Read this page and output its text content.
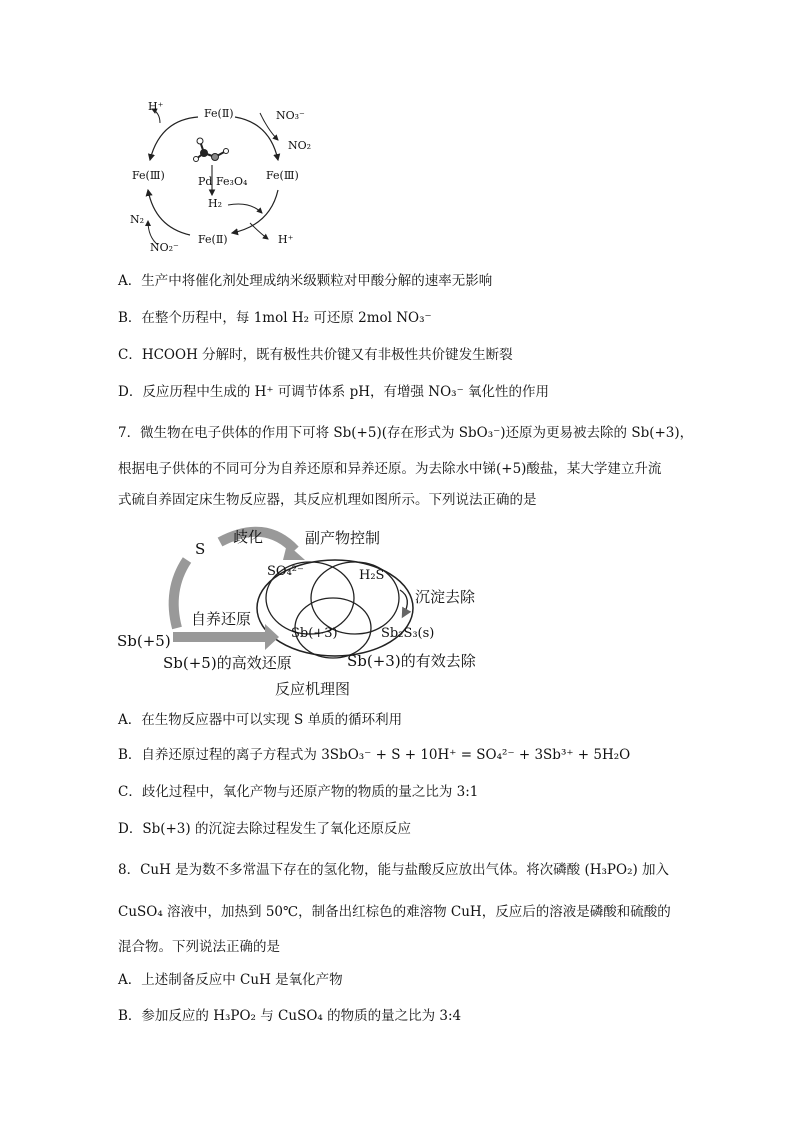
H⁺
Fe(Ⅱ)	NO₃⁻
NO₂
Fe(Ⅲ)	Fe(Ⅲ)
Pd Fe₃O₄
H₂
N₂
NO₂⁻
Fe(Ⅱ)	H⁺
A．生产中将催化剂处理成纳米级颗粒对甲酸分解的速率无影响
B．在整个历程中，每 1mol H₂ 可还原 2mol NO₃⁻
C．HCOOH 分解时，既有极性共价键又有非极性共价键发生断裂
D．反应历程中生成的 H⁺ 可调节体系 pH，有增强 NO₃⁻ 氧化性的作用
7．微生物在电子供体的作用下可将 Sb(+5)(存在形式为 SbO₃⁻)还原为更易被去除的 Sb(+3)，
根据电子供体的不同可分为自养还原和异养还原。为去除水中锑(+5)酸盐，某大学建立升流
式硫自养固定床生物反应器，其反应机理如图所示。下列说法正确的是
歧化	副产物控制
S
SO₄²⁻	H₂S
沉淀去除
自养还原
Sb(+5)	Sb(+3)	Sb₂S₃(s)
Sb(+5)的高效还原	Sb(+3)的有效去除
反应机理图
A．在生物反应器中可以实现 S 单质的循环利用
B．自养还原过程的离子方程式为 3SbO₃⁻ + S + 10H⁺ = SO₄²⁻ + 3Sb³⁺ + 5H₂O
C．歧化过程中，氧化产物与还原产物的物质的量之比为 3:1
D．Sb(+3) 的沉淀去除过程发生了氧化还原反应
8．CuH 是为数不多常温下存在的氢化物，能与盐酸反应放出气体。将次磷酸 (H₃PO₂) 加入
CuSO₄ 溶液中，加热到 50℃，制备出红棕色的难溶物 CuH，反应后的溶液是磷酸和硫酸的
混合物。下列说法正确的是
A．上述制备反应中 CuH 是氧化产物
B．参加反应的 H₃PO₂ 与 CuSO₄ 的物质的量之比为 3:4
